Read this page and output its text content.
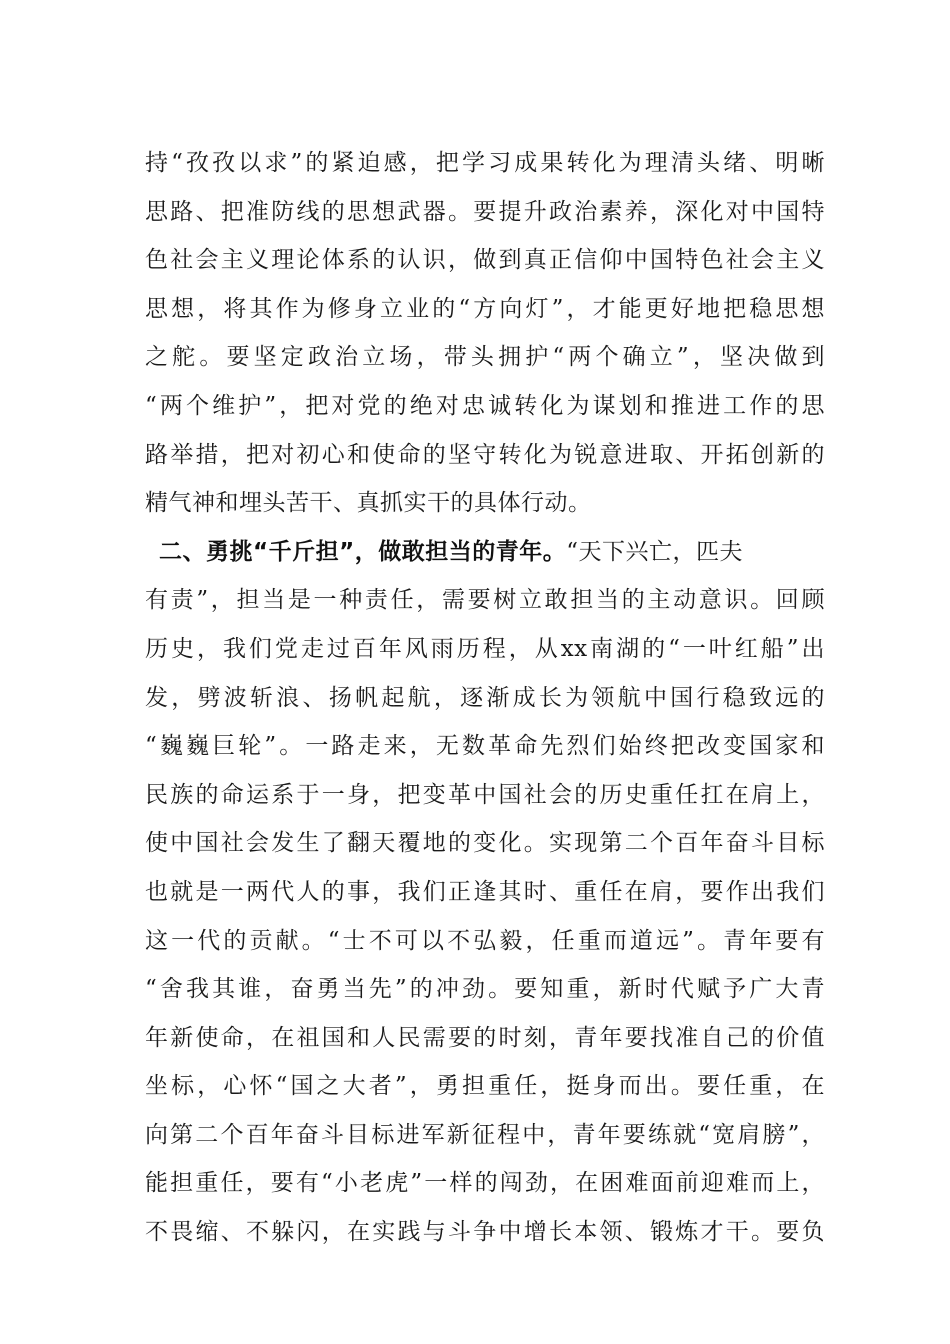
持“孜孜以求”的紧迫感，把学习成果转化为理清头绪、明晰
思路、把准防线的思想武器。要提升政治素养，深化对中国特
色社会主义理论体系的认识，做到真正信仰中国特色社会主义
思想，将其作为修身立业的“方向灯”，才能更好地把稳思想
之舵。要坚定政治立场，带头拥护“两个确立”，坚决做到
“两个维护”，把对党的绝对忠诚转化为谋划和推进工作的思
路举措，把对初心和使命的坚守转化为锐意进取、开拓创新的
精气神和埋头苦干、真抓实干的具体行动。
二、勇挑“千斤担”，做敢担当的青年。“天下兴亡，匹夫
有责”，担当是一种责任，需要树立敢担当的主动意识。回顾
历史，我们党走过百年风雨历程，从xx南湖的“一叶红船”出
发，劈波斩浪、扬帆起航，逐渐成长为领航中国行稳致远的
“巍巍巨轮”。一路走来，无数革命先烈们始终把改变国家和
民族的命运系于一身，把变革中国社会的历史重任扛在肩上，
使中国社会发生了翻天覆地的变化。实现第二个百年奋斗目标
也就是一两代人的事，我们正逢其时、重任在肩，要作出我们
这一代的贡献。“士不可以不弘毅，任重而道远”。青年要有
“舍我其谁，奋勇当先”的冲劲。要知重，新时代赋予广大青
年新使命，在祖国和人民需要的时刻，青年要找准自己的价值
坐标，心怀“国之大者”，勇担重任，挺身而出。要任重，在
向第二个百年奋斗目标进军新征程中，青年要练就“宽肩膀”，
能担重任，要有“小老虎”一样的闯劲，在困难面前迎难而上，
不畏缩、不躲闪，在实践与斗争中增长本领、锻炼才干。要负
